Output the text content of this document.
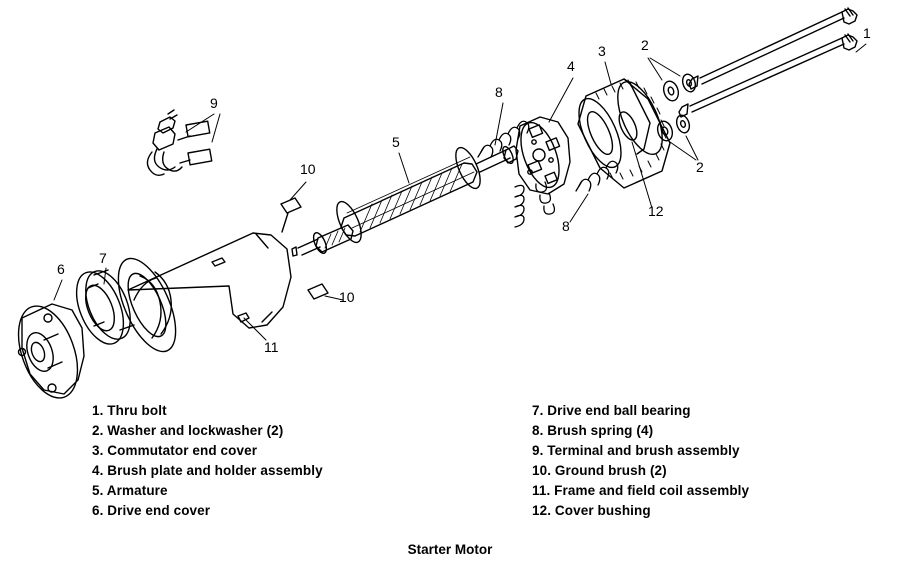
1
2
3
4
2
8
9
5
12
8
10
6
7
10
11
1. Thru bolt
2. Washer and lockwasher (2)
3. Commutator end cover
4. Brush plate and holder assembly
5. Armature
6. Drive end cover
7. Drive end ball bearing
8. Brush spring (4)
9. Terminal and brush assembly
10. Ground brush (2)
11. Frame and field coil assembly
12. Cover bushing
Starter Motor
